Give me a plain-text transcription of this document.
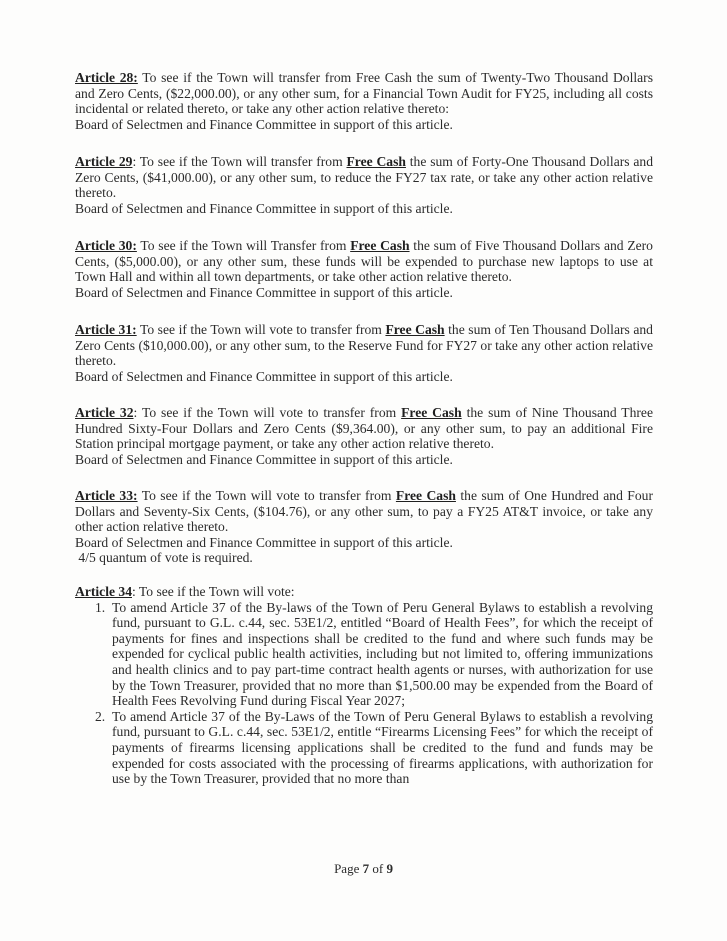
Article 28: To see if the Town will transfer from Free Cash the sum of Twenty-Two Thousand Dollars and Zero Cents, ($22,000.00), or any other sum, for a Financial Town Audit for FY25, including all costs incidental or related thereto, or take any other action relative thereto:

Board of Selectmen and Finance Committee in support of this article.

Article 29: To see if the Town will transfer from Free Cash the sum of Forty-One Thousand Dollars and Zero Cents, ($41,000.00), or any other sum, to reduce the FY27 tax rate, or take any other action relative thereto.

Board of Selectmen and Finance Committee in support of this article.

Article 30: To see if the Town will Transfer from Free Cash the sum of Five Thousand Dollars and Zero Cents, ($5,000.00), or any other sum, these funds will be expended to purchase new laptops to use at Town Hall and within all town departments, or take other action relative thereto.

Board of Selectmen and Finance Committee in support of this article.

Article 31: To see if the Town will vote to transfer from Free Cash the sum of Ten Thousand Dollars and Zero Cents ($10,000.00), or any other sum, to the Reserve Fund for FY27 or take any other action relative thereto.

Board of Selectmen and Finance Committee in support of this article.

Article 32: To see if the Town will vote to transfer from Free Cash the sum of Nine Thousand Three Hundred Sixty-Four Dollars and Zero Cents ($9,364.00), or any other sum, to pay an additional Fire Station principal mortgage payment, or take any other action relative thereto.

Board of Selectmen and Finance Committee in support of this article.

Article 33: To see if the Town will vote to transfer from Free Cash the sum of One Hundred and Four Dollars and Seventy-Six Cents, ($104.76), or any other sum, to pay a FY25 AT&T invoice, or take any other action relative thereto.

Board of Selectmen and Finance Committee in support of this article.
4/5 quantum of vote is required.

Article 34: To see if the Town will vote:

1. To amend Article 37 of the By-laws of the Town of Peru General Bylaws to establish a revolving fund, pursuant to G.L. c.44, sec. 53E1/2, entitled “Board of Health Fees”, for which the receipt of payments for fines and inspections shall be credited to the fund and where such funds may be expended for cyclical public health activities, including but not limited to, offering immunizations and health clinics and to pay part-time contract health agents or nurses, with authorization for use by the Town Treasurer, provided that no more than $1,500.00 may be expended from the Board of Health Fees Revolving Fund during Fiscal Year 2027;
2. To amend Article 37 of the By-Laws of the Town of Peru General Bylaws to establish a revolving fund, pursuant to G.L. c.44, sec. 53E1/2, entitle “Firearms Licensing Fees” for which the receipt of payments of firearms licensing applications shall be credited to the fund and funds may be expended for costs associated with the processing of firearms applications, with authorization for use by the Town Treasurer, provided that no more than
Page 7 of 9
